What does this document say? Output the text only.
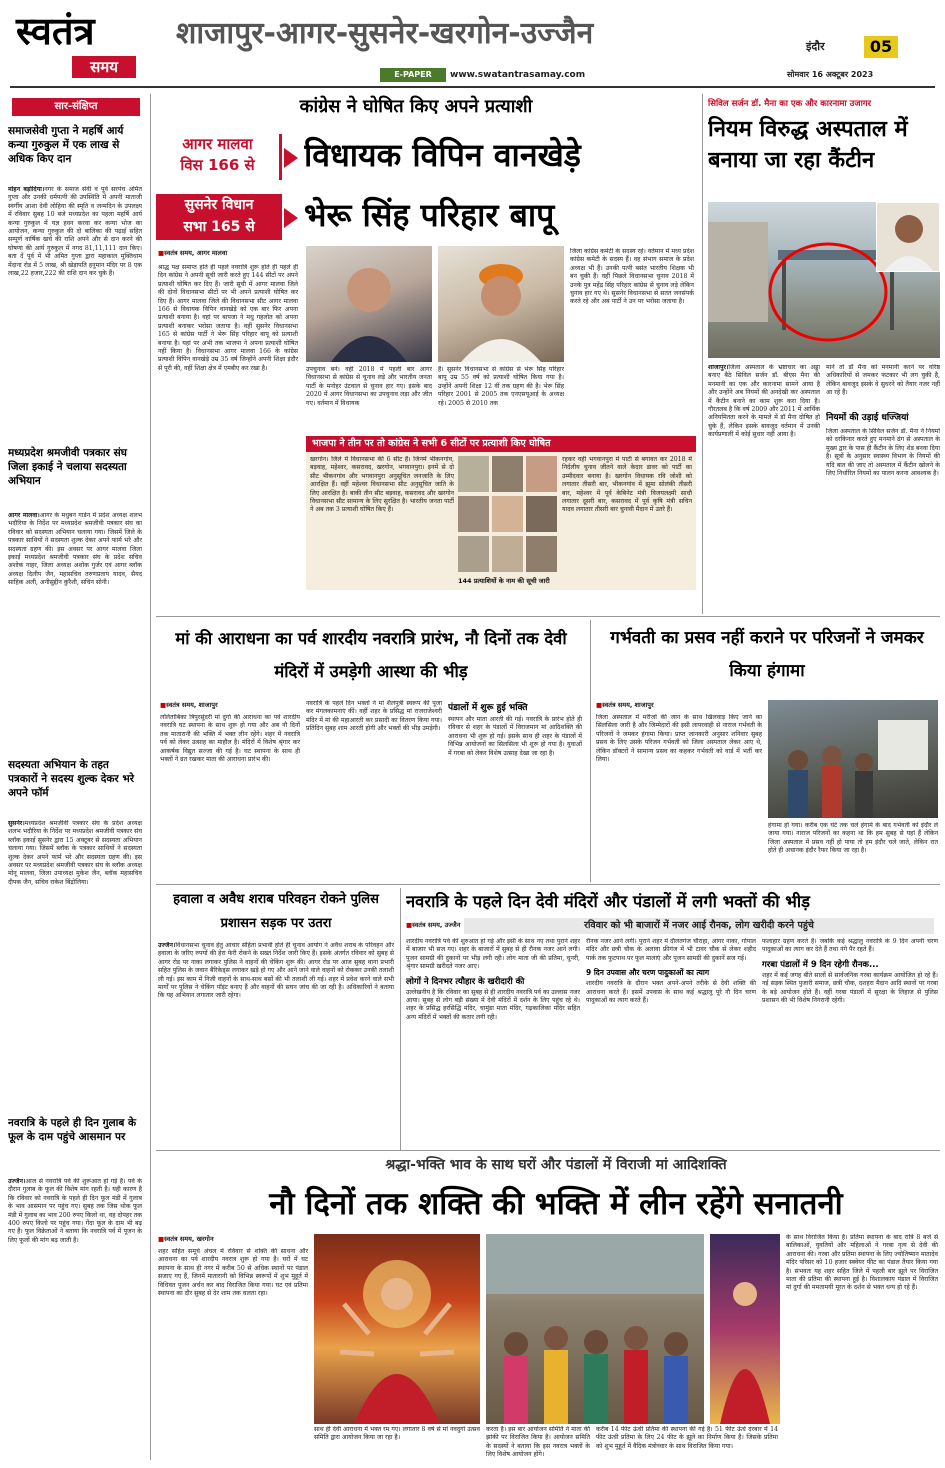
स्वतंत्र
समय
शाजापुर-आगर-सुसनेर-खरगोन-उज्जैन
E-PAPER	www.swatantrasamay.com
इंदौर	05
सोमवार 16 अक्टूबर 2023
सार-संक्षिप्त
समाजसेवी गुप्ता ने महर्षि आर्य कन्या गुरुकुल में एक लाख से अधिक किए दान
मोहन बड़ोदिया।नगर के समाज सेवी व पूर्व सरपंच अमित गुप्ता और उनकी धर्मपत्नी की उपस्थिति में अपनी माताजी स्वर्गीय आशा देवी लोहिया की स्मृति व जन्मदिन के उपलक्ष्य में रविवार सुबह 10 बजे मध्यप्रदेश का पहला महर्षि आर्य कन्या गुरुकुल में यज्ञ हवन करवा कर कन्या भोज का आयोजन, कन्या गुरुकुल की दो बालिका की पढ़ाई सहित सम्पूर्ण वार्षिक खर्च की राशि अपने और से दान करने की घोषणा की आर्य गुरुकुल में नगद 81,11,111 दान किए। बता दें पूर्व में भी अमित गुप्ता द्वारा महाकाल मुक्तिधाम मेंदाना रोड में 5 लाख, श्री खेड़ापति हनुमान मंदिर पर 8 एक लाख,22 हजार,222 की राशि दान कर चुके हैं।
मध्यप्रदेश श्रमजीवी पत्रकार संघ जिला इकाई ने चलाया सदस्यता अभियान
आगर मालवा।आगर के मधुबन गार्डन में प्रदेश अध्यक्ष शलभ भदौरिया के निर्देश पर मध्यप्रदेश श्रमजीवी पत्रकार संघ का रविवार को सदस्यता अभियान चलाया गया। जिसमें जिले के पत्रकार साथियों ने सदस्यता शुल्क देकर अपने फार्म भरे और सदस्यता ग्रहण की। इस अवसर पर आगर मालवा जिला इकाई मध्यप्रदेश श्रमजीवी पत्रकार संघ के प्रदेश सचिव अशोक नाहर, जिला अध्यक्ष अशोक गुर्जर एवं आगर ब्लॉक अध्यक्ष दिलीप जैन, महासचिव तरुणप्रताप यादव, सैयद साहिक अली, अनीसुद्दीन कुरैशी, सचिन सोनी।
सदस्यता अभियान के तहत पत्रकारों ने सदस्य शुल्क देकर भरे अपने फॉर्म
सुसनेर।मध्यप्रदेश श्रमजीवी पत्रकार संघ के प्रदेश अध्यक्ष शलभ भदौरिया के निर्देश पर मध्यप्रदेश श्रमजीवी पत्रकार संघ ब्लॉक इकाई सुसनेर द्वारा 15 अक्टूबर से सदस्यता अभियान चलाया गया। जिसमें ब्लॉक के पत्रकार साथियों ने सदस्यता शुल्क देकर अपने फार्म भरे और सदस्यता ग्रहण की। इस अवसर पर मध्यप्रदेश श्रमजीवी पत्रकार संघ के ब्लॉक अध्यक्ष मोनू मालवा, जिला उपाध्यक्ष मुकेश जैन, ब्लॉक महासचिव दीपक जैन, सचिव राकेश बिंद्रोलिया।
नवरात्रि के पहले ही दिन गुलाब के फूल के दाम पहुंचे आसमान पर
उज्जैन।आज से नवरात्रि पर्व की शुरूआत हो गई है। पर्व के दौरान गुलाब के फूल की विशेष मांग रहती है। यही कारण है कि रविवार को नवरात्रि के पहले ही दिन फूल मंडी में गुलाब के भाव आसमान पर पहुंच गए। सुबह तक जिस थोक फूल मंडी में गुलाब का भाव 200 रुपए किलो था, वह दोपहर तक 400 रुपए किलो पर पहुंच गया। गेंदा फूल के दाम भी बढ़ गए हैं। फूल विक्रेताओं ने बताया कि नवरात्रि पर्व में पूजन के लिए फूलों की मांग बढ़ जाती है।
कांग्रेस ने घोषित किए अपने प्रत्याशी
आगर मालवा
विस 166 से	विधायक विपिन वानखेड़े
सुसनेर विधान
सभा 165 से	भेरू सिंह परिहार बापू
■ स्वतंत्र समय, आगर मालवा
श्राद्ध पक्ष समाप्त होते ही पहले नवरात्रि शुरू होते ही पहले ही दिन कांग्रेस ने अपनी सूची जारी करते हुए 144 सीटों पर अपने प्रत्याशी घोषित कर दिए हैं। जारी सूची में आगर मालवा जिले की दोनों विधानसभा सीटों पर भी अपने प्रत्याशी घोषित कर दिए हैं। आगर मालवा जिले की विधानसभा सीट आगर मालवा 166 से विधायक विपिन वानखेड़े को एक बार फिर अपना प्रत्याशी बनाया है। वहां पर बापजा ने मधु गहलोत को अपना प्रत्याशी बनाकर भरोसा जताया है। वहीं सुसनेर विधानसभा 165 से कांग्रेस पार्टी ने भेरू सिंह परिहार बापू को प्रत्याशी बनाया है। यहां पर अभी तक भाजपा ने अपना प्रत्याशी घोषित नहीं किया है। विधानसभा आगर मालवा 166 के कांग्रेस प्रत्याशी विपिन वानखेड़े उम्र 35 वर्ष जिन्होंने अपनी शिक्षा इंदौर से पूरी की, वहीं शिक्षा क्षेत्र में एमबीए कर रखा है।	उपचुनाव बने। वहीं 2018 में पहली बार आगर विधानसभा से कांग्रेस से चुनाव लड़े और भारतीय जनता पार्टी के मनोहर उंटवाल से चुनाव हार गए। इसके बाद 2020 में आगर विधानसभा का उपचुनाव लड़ा और जीत गए। वर्तमान में विधायक
हैं। सुसनेर विधानसभा से कांग्रेस से भेरू सिंह परिहार बापू उम्र 55 वर्ष को प्रत्याशी घोषित किया गया है। उन्होंने अपनी शिक्षा 12 वीं तक ग्रहण की है। भेरू सिंह परिहार 2001 से 2005 तक एनएसयूआई के अध्यक्ष रहे। 2005 से 2010 तक
जिला कांग्रेस कमेटी के सदस्य रहे। वर्तमान में मध्य प्रदेश कांग्रेस कमेटी के सदस्य हैं। वह संभाग समाज के प्रदेश अध्यक्ष भी हैं। उनकी पत्नी बसंत भारतीय शिक्षक भी बन चुकी हैं। वहीं पिछले विधानसभा चुनाव 2018 में उनके पुत्र महेंद्र सिंह परिहार कांग्रेस से चुनाव लड़े लेकिन चुनाव हार गए थे। सुसनेर विधानसभा से सतत जनसंपर्क करते रहे और अब पार्टी ने उन पर भरोसा जताया है।
भाजपा ने तीन पर तो कांग्रेस ने सभी 6 सीटों पर प्रत्याशी किए घोषित
खरगोन। जिले में विधानसभा की 6 सीट हैं। जिनमें भीकनगांव, बड़वाह, महेश्वर, कसरावद, खरगोन, भगवानपुरा। इनमें से दो सीट भीकनगांव और भगवानपुरा अनुसूचित जनजाति के लिए आरक्षित हैं। वहीं महेश्वर विधानसभा सीट अनुसूचित जाति के लिए आरक्षित है। बाकी तीन सीट बड़वाह, कसरावद और खरगोन विधानसभा सीट सामान्य के लिए सुरक्षित है। भारतीय जनता पार्टी ने अब तक 3 प्रत्याशी घोषित किए हैं।
144 प्रत्याशियों के नाम की सूची जारी
रहकर वहीं भगवानपुरा में पार्टी से बगावत कर 2018 में निर्दलीय चुनाव जीतने वाले केदार डावर को पार्टी का उम्मीदवार बनाया है। खरगोन विधायक रवि जोशी को लगातार तीसरी बार, भीकनगांव में झूमा सोलंकी तीसरी बार, महेश्वर में पूर्व केबिनेट मंत्री विजयलक्ष्मी साधौ लगातार दूसरी बार, कसरावद में पूर्व कृषि मंत्री सचिन यादव लगातार तीसरी बार चुनावी मैदान में उतरे हैं।
सिविल सर्जन डॉ. मैना का एक और कारनामा उजागर
नियम विरुद्ध अस्पताल में बनाया जा रहा कैंटीन
शाजापुर।जिला अस्पताल के भ्रष्टाचार का अड्डा बनाए बैठे सिविल सर्जन डॉ. बीएस मैना की मनमानी का एक और कारनामा सामने आया है और उन्होंने अब नियमों की अनदेखी कर अस्पताल में कैंटीन बनाने का काम शुरू करा दिया है। गौरतलब है कि वर्ष 2009 और 2011 में आर्थिक अनियमितता करने के मामले में डॉ मैना दोषित हो चुके हैं, लेकिन इसके बावजूद वर्तमान में उनकी कार्यप्रणाली में कोई सुधार नहीं आया है।
माने तो डॉ मैना को मनमानी करने पर वरिष्ठ अधिकारियों से जमकर फटकार भी लग चुकी है, लेकिन बावजूद इसके वे सुधरने को तैयार नजर नहीं आ रहे हैं।
नियमों की उड़ाई धज्जियां
जिला अस्पताल के सिविल सर्जन डॉ. मैना ने नियमों को दरकिनार करते हुए मनमाने ढंग से अस्पताल के मुख्य द्वार के पास ही कैंटीन के लिए शेड बनवा दिया है। सूत्रों के अनुसार स्वास्थ्य विभाग के नियमों की यदि बात की जाए तो अस्पताल में कैंटीन खोलने के लिए निर्धारित नियमों का पालन करना आवश्यक है।
मां की आराधना का पर्व शारदीय नवरात्रि प्रारंभ, नौ दिनों तक देवी मंदिरों में उमड़ेगी आस्था की भीड़
■ स्वतंत्र समय, शाजापुर
ललितांबिका त्रिपुरसुंदरी मां दुर्गा की आराधना का पर्व शारदीय नवरात्रि घट स्थापना के साथ शुरू हो गया और अब नौ दिनों तक मातारानी की भक्ति में भक्त लीन रहेंगे। शहर में नवरात्रि पर्व को लेकर उत्साह का माहौल है। मंदिरों में विशेष श्रृंगार कर आकर्षक विद्युत सज्जा की गई है। घट स्थापना के साथ ही भक्तों ने व्रत रखकर माता की आराधना प्रारंभ की।
नवरात्रि के पहले दिन भक्तों ने मां शैलपुत्री स्वरूप की पूजा कर मंगलकामनाएं कीं। वहीं शहर के प्रसिद्ध मां राजराजेश्वरी मंदिर में मां की महाआरती कर प्रसादी का वितरण किया गया। प्रतिदिन सुबह शाम आरती होगी और भक्तों की भीड़ उमड़ेगी।
पंडालों में शुरू हुई भक्ति
स्थापन और माता आरती की गई। नवरात्रि के प्रारंभ होते ही रविवार से शहर के पंडालों में विराजमान मां आदिशक्ति की आराधना भी शुरू हो गई। इसके साथ ही शहर के पंडालों में विभिन्न आयोजनों का सिलसिला भी शुरू हो गया है। युवाओं में गरबा को लेकर विशेष उत्साह देखा जा रहा है।
गर्भवती का प्रसव नहीं कराने पर परिजनों ने जमकर किया हंगामा
■ स्वतंत्र समय, शाजापुर
जिला अस्पताल में मरीजों की जान के साथ खिलवाड़ किए जाने का सिलसिला जारी है और जिम्मेदारों की इसी लापरवाही से नाराज गर्भवती के परिजनों ने जमकर हंगामा किया। प्राप्त जानकारी अनुसार शनिवार सुबह प्रसव के लिए उसके परिजन गर्भवती को जिला अस्पताल लेकर आए थे, लेकिन डॉक्टरों ने सामान्य प्रसव का कहकर गर्भवती को वार्ड में भर्ती कर लिया।
हंगामा हो गया। करीब एक घंटे तक चले हंगामे के बाद गर्भवती को इंदौर ले जाया गया। नाराज परिजनों का कहना था कि हम सुबह से यहां हैं लेकिन जिला अस्पताल में प्रसव नहीं हो पाया तो हम इंदौर चले जाते, लेकिन रात होते ही अचानक इंदौर रैफर किया जा रहा है।
हवाला व अवैध शराब परिवहन रोकने पुलिस प्रशासन सड़क पर उतरा
उज्जैन।विधानसभा चुनाव हेतु आचार संहिता प्रभावी होते ही चुनाव आयोग ने अवैध शराब के परिवहन और हवाला के जरिए रुपयों की हेरा फेरी रोकने के सख्त निर्देश जारी किए हैं। इसके अंतर्गत रविवार को सुबह से आगर रोड पर नाका लगाकर पुलिस ने वाहनों की चेकिंग शुरू की। आगर रोड पर आज सुबह थाना प्रभारी सहित पुलिस के जवान बैरिकेड्स लगाकर खड़े हो गए और आने जाने वाले वाहनों को रोककर उनकी तलाशी ली गई। इस काम में निजी वाहनों के साथ-साथ बसों की भी तलाशी ली गई। शहर में प्रवेश करने वाले सभी मार्गों पर पुलिस ने चेकिंग पॉइंट बनाए हैं और वाहनों की सघन जांच की जा रही है। अधिकारियों ने बताया कि यह अभियान लगातार जारी रहेगा।
नवरात्रि के पहले दिन देवी मंदिरों और पंडालों में लगी भक्तों की भीड़
रविवार को भी बाजारों में नजर आई रौनक, लोग खरीदी करने पहुंचे
■ स्वतंत्र समय, उज्जैन
शारदीय नवरात्रि पर्व की शुरुआत हो गई और इसी के साथ नए तथा पुराने शहर में बाजार भी सज गए। शहर के बाजारों में सुबह से ही रौनक नजर आने लगी। पूजन सामग्री की दुकानों पर भीड़ लगी रही। लोग माता जी की प्रतिमा, चुनरी, श्रृंगार सामग्री खरीदते नजर आए।
लोगों ने दिनभर त्यौहार के खरीदारी की
उल्लेखनीय है कि रविवार का सुबह से ही शारदीय नवरात्रि पर्व का उल्लास नजर आया। सुबह से लोग बड़ी संख्या में देवी मंदिरों में दर्शन के लिए पहुंच रहे थे। शहर के प्रसिद्ध हरसिद्धि मंदिर, चामुंडा माता मंदिर, गढ़कालिका मंदिर सहित अन्य मंदिरों में भक्तों की कतार लगी रही।
रौनक नजर आने लगी। पुराने शहर में दौलतगंज चौराहा, आगर नाका, गोपाल मंदिर और छत्री चौक के अलावा फ्रीगंज में भी टावर चौक से लेकर शहीद पार्क तक फुटपाथ पर फूल मालाएं और पूजन सामग्री की दुकानें सज गई।
9 दिन उपवास और चरण पादुकाओं का त्याग
शारदीय नवरात्रि के दौरान भक्त अपने-अपने तरीके से देवी शक्ति की आराधना करते हैं। इसमें उपवास के साथ कई श्रद्धालु पूरे नौ दिन चरण पादुकाओं का त्याग करते हैं।
फलाहार ग्रहण करते हैं। जबकि कई श्रद्धालु नवरात्रि के 9 दिन अपनी चरण पादुकाओं का त्याग कर देते हैं तथा नंगे पैर रहते हैं।
गरबा पंडालों में 9 दिन रहेगी रौनक...
शहर में कई जगह बीते सालों से सार्वजनिक गरबा कार्यक्रम आयोजित हो रहे हैं। नई सड़क स्थित पुजारी समाज, छत्री चौक, दशहरा मैदान आदि स्थानों पर गरबा के बड़े आयोजन होते हैं। वहीं गरबा पंडालों में सुरक्षा के लिहाज से पुलिस प्रशासन की भी विशेष निगरानी रहेगी।
श्रद्धा-भक्ति भाव के साथ घरों और पंडालों में विराजी मां आदिशक्ति
नौ दिनों तक शक्ति की भक्ति में लीन रहेंगे सनातनी
■ स्वतंत्र समय, खरगोन
शहर सहित समूचे अंचल में रविवार से शक्ति की साधना और आराधना का पर्व शारदीय नवरात्र शुरू हो गया है। घरों में घट स्थापना के साथ ही नगर में करीब 50 से अधिक स्थानों पर पंडाल सजाए गए हैं, जिनमें मातारानी को विभिन्न स्वरूपों में शुभ मुहूर्त में विधिवत पूजन अर्चन कर बाद विराजित किया गया। घट एवं प्रतिमा स्थापना का दौर सुबह से देर शाम तक चलता रहा।
साथ ही देवी आराधना में भक्त रम गए। लगातार 8 वर्ष से मां नवदुर्गा उत्सव समिति द्वारा आयोजन किया जा रहा है।
करता है। इस बार आयोजन समिति ने माता की झांकी पर विराजित किया है। आयोजन समिति के सदस्यों ने बताया कि इस नवरात्र भक्तों के लिए विशेष आयोजन होंगे।
करीब 14 फीट ऊंची प्रतिमा की स्थापना की गई है। 51 फीट ऊंचे दरबार में 14 फीट ऊंची प्रतिमा के लिए 24 फीट के झूले का निर्माण किया है। जिसके प्रतिमा को शुभ मुहूर्त में वैदिक मंत्रोच्चार के साथ विराजित किया गया।
के साथ विराजित किया है। प्रतिमा स्थापना के बाद रात्रि 8 बजे से बालिकाओं, युवतियों और महिलाओं ने गरबा नृत्य से देवी की आराधना की। गरबा और प्रतिमा स्थापना के लिए ज्योतिष्मान मातादेव मंदिर परिसर को 10 हजार स्क्वेयर फीट का पंडाल तैयार किया गया है। संभवतः यह शहर सहित जिले में पहली बार झूले पर विराजित माता की प्रतिमा की स्थापना हुई है। विशालकाय पंडाल में विराजित मां दुर्गा की ममतामयी मूरत के दर्शन से भक्त धन्य हो रहे हैं।
